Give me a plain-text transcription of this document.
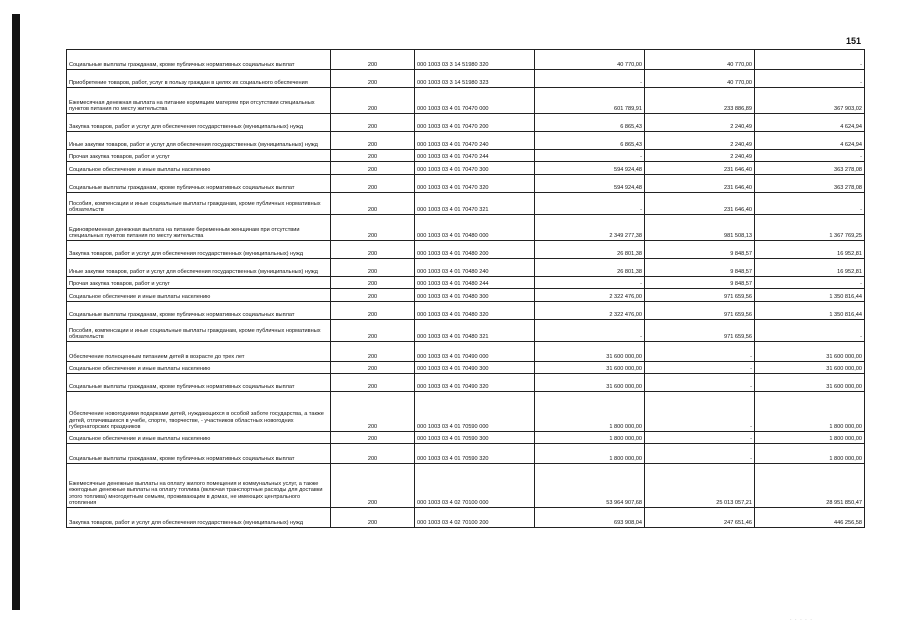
151
Социальные выплаты гражданам, кроме публичных нормативных социальных выплат	200	000 1003 03 3 14 51980 320	40 770,00	40 770,00	-
Приобретение товаров, работ, услуг в пользу граждан в целях их социального обеспечения	200	000 1003 03 3 14 51980 323	-	40 770,00	-
Ежемесячная денежная выплата на питание кормящим матерям при отсутствии специальных пунктов питания по месту жительства	200	000 1003 03 4 01 70470 000	601 789,91	233 886,89	367 903,02
Закупка товаров, работ и услуг для обеспечения государственных (муниципальных) нужд	200	000 1003 03 4 01 70470 200	6 865,43	2 240,49	4 624,94
Иные закупки товаров, работ и услуг для обеспечения государственных (муниципальных) нужд	200	000 1003 03 4 01 70470 240	6 865,43	2 240,49	4 624,94
Прочая закупка товаров, работ и услуг	200	000 1003 03 4 01 70470 244	-	2 240,49	-
Социальное обеспечение и иные выплаты населению	200	000 1003 03 4 01 70470 300	594 924,48	231 646,40	363 278,08
Социальные выплаты гражданам, кроме публичных нормативных социальных выплат	200	000 1003 03 4 01 70470 320	594 924,48	231 646,40	363 278,08
Пособия, компенсации и иные социальные выплаты гражданам, кроме публичных нормативных обязательств	200	000 1003 03 4 01 70470 321	-	231 646,40	-
Единовременная денежная выплата на питание беременным женщинам при отсутствии специальных пунктов питания по месту жительства	200	000 1003 03 4 01 70480 000	2 349 277,38	981 508,13	1 367 769,25
Закупка товаров, работ и услуг для обеспечения государственных (муниципальных) нужд	200	000 1003 03 4 01 70480 200	26 801,38	9 848,57	16 952,81
Иные закупки товаров, работ и услуг для обеспечения государственных (муниципальных) нужд	200	000 1003 03 4 01 70480 240	26 801,38	9 848,57	16 952,81
Прочая закупка товаров, работ и услуг	200	000 1003 03 4 01 70480 244	-	9 848,57	-
Социальное обеспечение и иные выплаты населению	200	000 1003 03 4 01 70480 300	2 322 476,00	971 659,56	1 350 816,44
Социальные выплаты гражданам, кроме публичных нормативных социальных выплат	200	000 1003 03 4 01 70480 320	2 322 476,00	971 659,56	1 350 816,44
Пособия, компенсации и иные социальные выплаты гражданам, кроме публичных нормативных обязательств	200	000 1003 03 4 01 70480 321	-	971 659,56	-
Обеспечение полноценным питанием детей в возрасте до трех лет	200	000 1003 03 4 01 70490 000	31 600 000,00	-	31 600 000,00
Социальное обеспечение и иные выплаты населению	200	000 1003 03 4 01 70490 300	31 600 000,00	-	31 600 000,00
Социальные выплаты гражданам, кроме публичных нормативных социальных выплат	200	000 1003 03 4 01 70490 320	31 600 000,00	-	31 600 000,00
Обеспечение новогодними подарками детей, нуждающихся в особой заботе государства, а также детей, отличившихся в учебе, спорте, творчестве, - участников областных новогодних губернаторских праздников	200	000 1003 03 4 01 70590 000	1 800 000,00	-	1 800 000,00
Социальное обеспечение и иные выплаты населению	200	000 1003 03 4 01 70590 300	1 800 000,00	-	1 800 000,00
Социальные выплаты гражданам, кроме публичных нормативных социальных выплат	200	000 1003 03 4 01 70590 320	1 800 000,00	-	1 800 000,00
Ежемесячные денежные выплаты на оплату жилого помещения и коммунальных услуг, а также ежегодные денежные выплаты на оплату топлива (включая транспортные расходы для доставки этого топлива) многодетным семьям, проживающим в домах, не имеющих центрального отопления	200	000 1003 03 4 02 70100 000	53 964 907,68	25 013 057,21	28 951 850,47
Закупка товаров, работ и услуг для обеспечения государственных (муниципальных) нужд	200	000 1003 03 4 02 70100 200	693 908,04	247 651,46	446 256,58
· · · · ·
